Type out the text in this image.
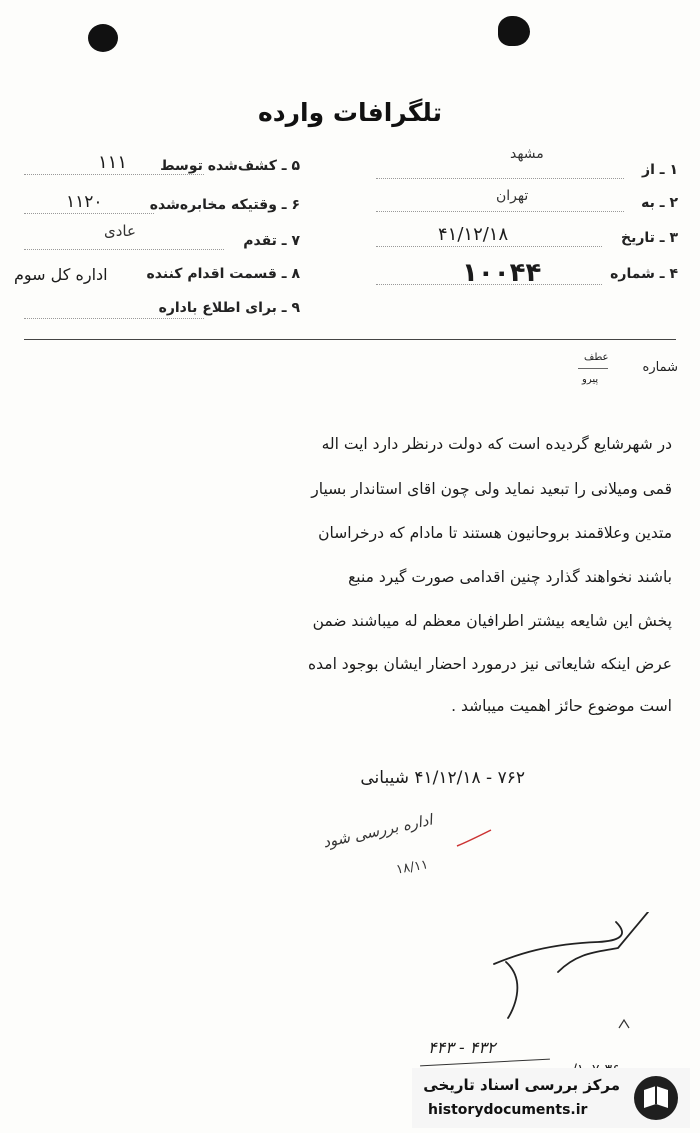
تلگرافات وارده
۱ ـ از
مشهد
۲ ـ به
تهران
۳ ـ تاریخ
۴۱/۱۲/۱۸
۴ ـ شماره
۱۰۰۴۴
۵ ـ کشف‌شده توسط
۱۱۱
۶ ـ وقتیکه مخابره‌شده
۱۱۲۰
۷ ـ تقدم
عادی
۸ ـ قسمت اقدام کننده
اداره کل سوم
۹ ـ برای اطلاع باداره
شماره
عطف
پیرو
در شهرشایع گردیده است که دولت درنظر دارد ایت اله
قمی ومیلانی را تبعید نماید ولی چون اقای استاندار بسیار
متدین وعلاقمند بروحانیون هستند تا مادام که درخراسان
باشند نخواهند گذارد چنین اقدامی صورت گیرد منبع
پخش این شایعه بیشتر اطرافیان معظم له میباشند ضمن
عرض اینکه شایعاتی نیز درمورد احضار ایشان بوجود امده
است موضوع حائز اهمیت میباشد .
۷۶۲ - ۴۱/۱۲/۱۸ شیبانی
اداره بررسی شود
۱۸/۱۱
۴۴۳ - ۴۳۲
مرکز بررسی اسناد تاریخی
historydocuments.ir
